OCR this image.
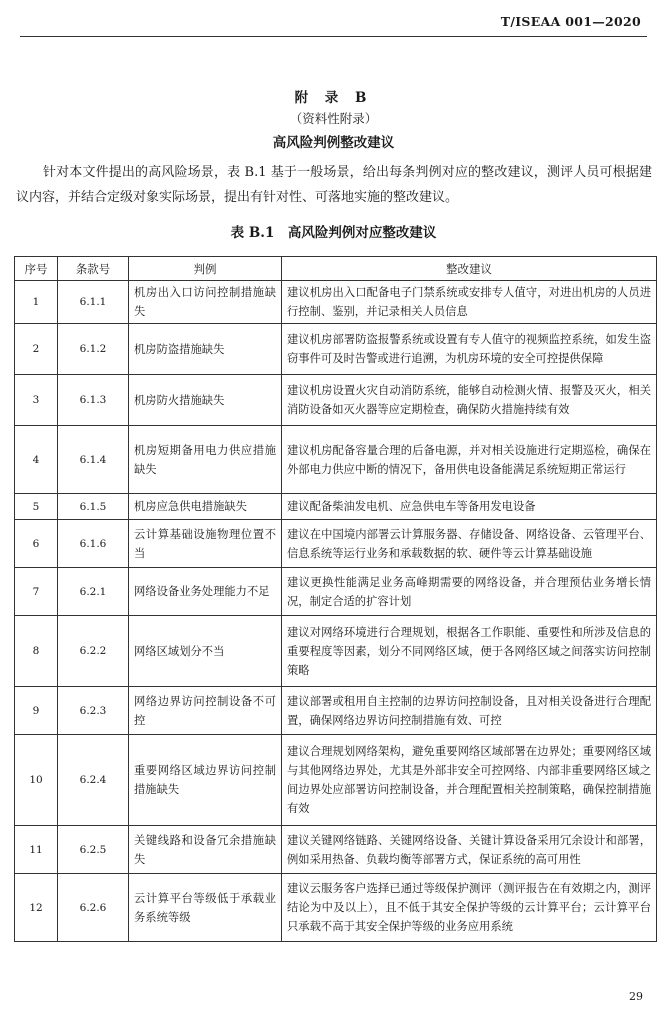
T/ISEAA 001—2020
附 录 B
（资料性附录）
高风险判例整改建议

针对本文件提出的高风险场景，表 B.1 基于一般场景，给出每条判例对应的整改建议，测评人员可根据建议内容，并结合定级对象实际场景，提出有针对性、可落地实施的整改建议。

表 B.1　高风险判例对应整改建议
序号	条款号	判例	整改建议
1	6.1.1	机房出入口访问控制措施缺失	建议机房出入口配备电子门禁系统或安排专人值守，对进出机房的人员进行控制、鉴别，并记录相关人员信息
2	6.1.2	机房防盗措施缺失	建议机房部署防盗报警系统或设置有专人值守的视频监控系统，如发生盗窃事件可及时告警或进行追溯，为机房环境的安全可控提供保障
3	6.1.3	机房防火措施缺失	建议机房设置火灾自动消防系统，能够自动检测火情、报警及灭火，相关消防设备如灭火器等应定期检查，确保防火措施持续有效
4	6.1.4	机房短期备用电力供应措施缺失	建议机房配备容量合理的后备电源，并对相关设施进行定期巡检，确保在外部电力供应中断的情况下，备用供电设备能满足系统短期正常运行
5	6.1.5	机房应急供电措施缺失	建议配备柴油发电机、应急供电车等备用发电设备
6	6.1.6	云计算基础设施物理位置不当	建议在中国境内部署云计算服务器、存储设备、网络设备、云管理平台、信息系统等运行业务和承载数据的软、硬件等云计算基础设施
7	6.2.1	网络设备业务处理能力不足	建议更换性能满足业务高峰期需要的网络设备，并合理预估业务增长情况，制定合适的扩容计划
8	6.2.2	网络区域划分不当	建议对网络环境进行合理规划，根据各工作职能、重要性和所涉及信息的重要程度等因素，划分不同网络区域，便于各网络区域之间落实访问控制策略
9	6.2.3	网络边界访问控制设备不可控	建议部署或租用自主控制的边界访问控制设备，且对相关设备进行合理配置，确保网络边界访问控制措施有效、可控
10	6.2.4	重要网络区域边界访问控制措施缺失	建议合理规划网络架构，避免重要网络区域部署在边界处；重要网络区域与其他网络边界处，尤其是外部非安全可控网络、内部非重要网络区域之间边界处应部署访问控制设备，并合理配置相关控制策略，确保控制措施有效
11	6.2.5	关键线路和设备冗余措施缺失	建议关键网络链路、关键网络设备、关键计算设备采用冗余设计和部署，例如采用热备、负载均衡等部署方式，保证系统的高可用性
12	6.2.6	云计算平台等级低于承载业务系统等级	建议云服务客户选择已通过等级保护测评（测评报告在有效期之内，测评结论为中及以上），且不低于其安全保护等级的云计算平台；云计算平台只承载不高于其安全保护等级的业务应用系统
29
